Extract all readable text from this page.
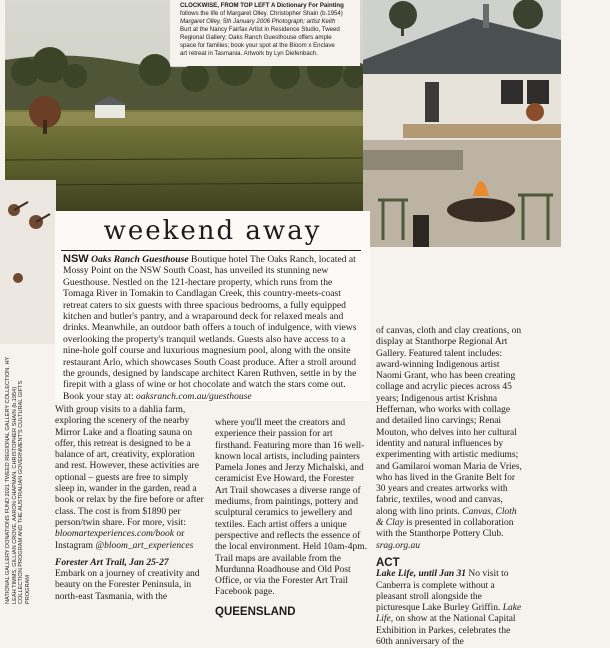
CLOCKWISE, FROM TOP LEFT A Dictionary For Painting
follows the life of Margaret Olley. Christopher Shain (b.1954)
Margaret Olley, 5th January 2006 Photograph; artist Keith
Burt at the Nancy Fairfax Artist in Residence Studio, Tweed
Regional Gallery; Oaks Ranch Guesthouse offers ample
space for families; book your spot at the Bloom x Enclave
art retreat in Tasmania. Artwork by Lyn Diefenbach.
weekend away

NSW Oaks Ranch Guesthouse Boutique hotel The Oaks Ranch, located at Mossy Point on the NSW South Coast, has unveiled its stunning new Guesthouse. Nestled on the 121-hectare property, which runs from the Tomaga River in Tomakin to Candlagan Creek, this country-meets-coast retreat caters to six guests with three spacious bedrooms, a fully equipped kitchen and butler's pantry, and a wraparound deck for relaxed meals and drinks. Meanwhile, an outdoor bath offers a touch of indulgence, with views overlooking the property's tranquil wetlands. Guests also have access to a nine-hole golf course and luxurious magnesium pool, along with the onsite restaurant Arlo, which showcases South Coast produce. After a stroll around the grounds, designed by landscape architect Karen Ruthven, settle in by the firepit with a glass of wine or hot chocolate and watch the stars come out. Book your stay at: oaksranch.com.au/guesthouse

With group visits to a dahlia farm, exploring the scenery of the nearby Mirror Lake and a floating sauna on offer, this retreat is designed to be a balance of art, creativity, exploration and rest. However, these activities are optional – guests are free to simply sleep in, wander in the garden, read a book or relax by the fire before or after class. The cost is from $1890 per person/twin share. For more, visit: bloomartexperiences.com/book or Instagram @bloom_art_experiences

Forester Art Trail, Jan 25-27

Embark on a journey of creativity and beauty on the Forester Peninsula, in north-east Tasmania, with the

where you'll meet the creators and experience their passion for art firsthand. Featuring more than 16 well-known local artists, including painters Pamela Jones and Jerzy Michalski, and ceramicist Eve Howard, the Forester Art Trail showcases a diverse range of mediums, from paintings, pottery and sculptural ceramics to jewellery and textiles. Each artist offers a unique perspective and reflects the essence of the local environment. Held 10am-4pm. Trail maps are available from the Murdunna Roadhouse and Old Post Office, or via the Forester Art Trail Facebook page.

QUEENSLAND

of canvas, cloth and clay creations, on display at Stanthorpe Regional Art Gallery. Featured talent includes: award-winning Indigenous artist Naomi Grant, who has been creating collage and acrylic pieces across 45 years; Indigenous artist Krishna Heffernan, who works with collage and detailed lino carvings; Renai Mouton, who delves into her cultural identity and natural influences by experimenting with artistic mediums; and Gamilaroi woman Maria de Vries, who has lived in the Granite Belt for 30 years and creates artworks with fabric, textiles, wood and canvas, along with lino prints. Canvas, Cloth & Clay is presented in collaboration with the Stanthorpe Pottery Club. srag.org.au

ACT

Lake Life, until Jan 31 No visit to Canberra is complete without a pleasant stroll alongside the picturesque Lake Burley Griffin. Lake Life, on show at the National Capital Exhibition in Parkes, celebrates the 60th anniversary of the

NATIONAL GALLERY DONATIONS FUND 2021 TWEED REGIONAL GALLERY COLLECTION. HY LEAH TIMMS, GILLIAN CROVE, AARON CHAPMAN, CHRISTOPHER SHAIN (b.1954) COLLECTION PROGRAM AND THE AUSTRALIAN GOVERNMENT'S CULTURAL GIFTS PROGRAM
